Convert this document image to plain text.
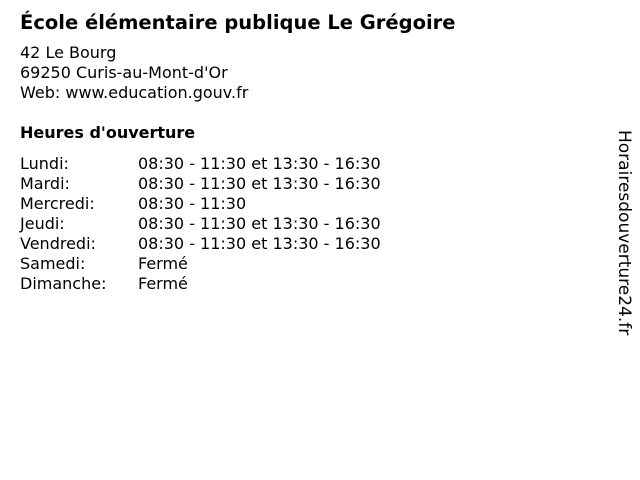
École élémentaire publique Le Grégoire
42 Le Bourg
69250 Curis-au-Mont-d'Or
Web: www.education.gouv.fr
Heures d'ouverture
Lundi:	08:30 - 11:30 et 13:30 - 16:30
Mardi:	08:30 - 11:30 et 13:30 - 16:30
Mercredi:	08:30 - 11:30
Jeudi:	08:30 - 11:30 et 13:30 - 16:30
Vendredi:	08:30 - 11:30 et 13:30 - 16:30
Samedi:	Fermé
Dimanche:	Fermé	Horairesdouverture24.fr
